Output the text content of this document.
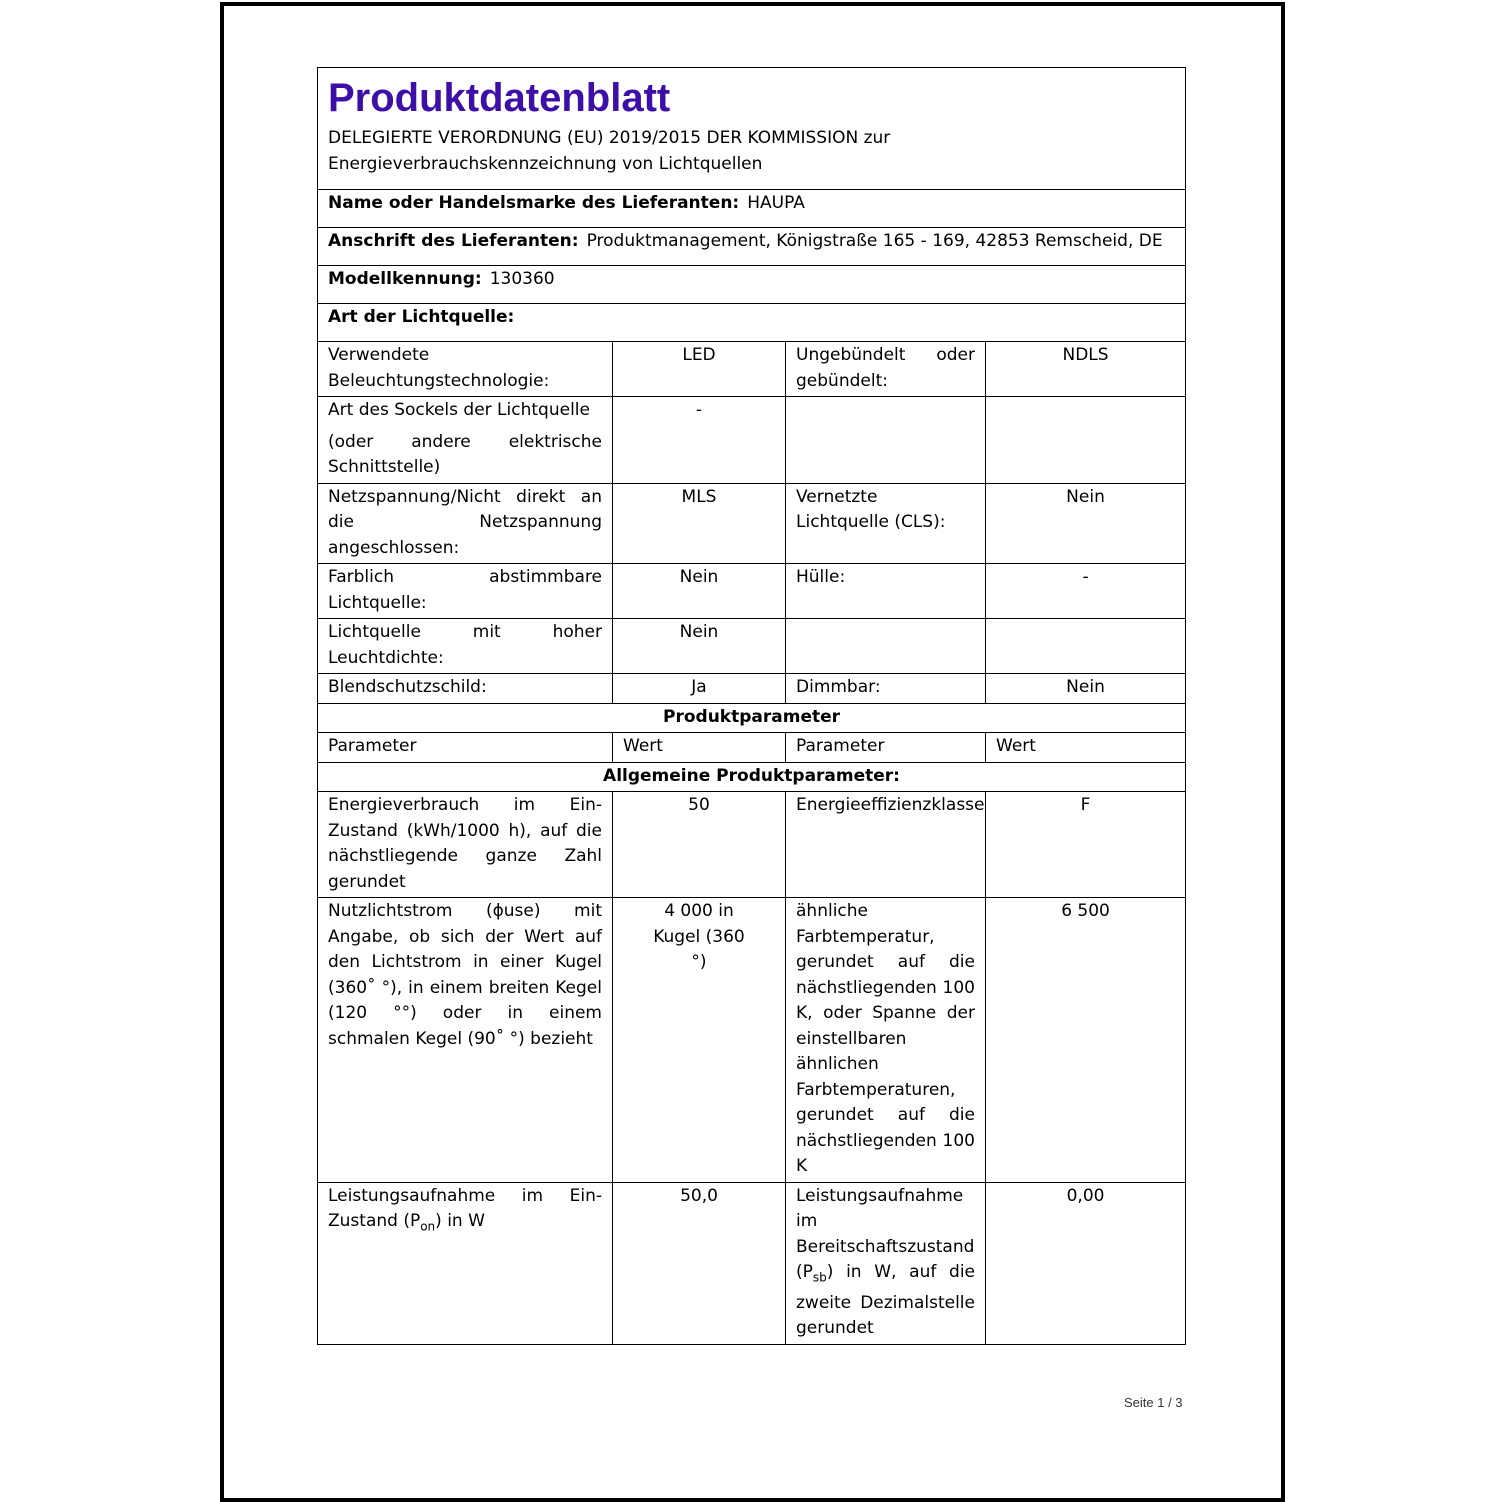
Produktdatenblatt
DELEGIERTE VERORDNUNG (EU) 2019/2015 DER KOMMISSION zur Energieverbrauchskennzeichnung von Lichtquellen			

Name oder Handelsmarke des Lieferanten: HAUPA			
Anschrift des Lieferanten: Produktmanagement, Königstraße 165 - 169, 42853 Remscheid, DE			
Modellkennung: 130360			
Art der Lichtquelle:			
Verwendete Beleuchtungstechnologie:	LED	Ungebündelt oder gebündelt:	NDLS

Art des Sockels der Lichtquelle
(oder andere elektrische Schnittstelle)	-		
Netzspannung/Nicht direkt an die Netzspannung angeschlossen:	MLS	Vernetzte Lichtquelle (CLS):	Nein
Farblich abstimmbare Lichtquelle:	Nein	Hülle:	-
Lichtquelle mit hoher Leuchtdichte:	Nein		
Blendschutzschild:	Ja	Dimmbar:	Nein
Produktparameter			
Parameter	Wert	Parameter	Wert
Allgemeine Produktparameter:			
Energieverbrauch im Ein-Zustand (kWh/1000 h), auf die nächstliegende ganze Zahl gerundet	50	Energieeffizienzklasse	F
Nutzlichtstrom (ɸuse) mit Angabe, ob sich der Wert auf den Lichtstrom in einer Kugel (360˚ °), in einem breiten Kegel (120 °°) oder in einem schmalen Kegel (90˚ °) bezieht	4 000 in Kugel (360 °)	ähnliche Farbtemperatur, gerundet auf die nächstliegenden 100 K, oder Spanne der einstellbaren ähnlichen Farbtemperaturen, gerundet auf die nächstliegenden 100 K	6 500
Leistungsaufnahme im Ein-Zustand $(P_{on})$ in W	50,0	Leistungsaufnahme im Bereitschaftszustand $(P_{sb})$ in W, auf die zweite Dezimalstelle gerundet	0,00
Seite 1 / 3
